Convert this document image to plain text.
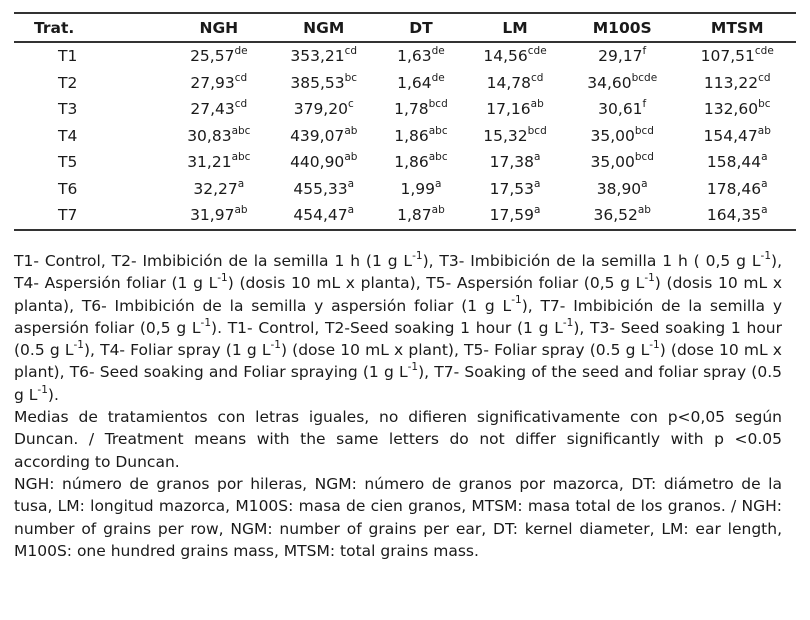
Trat.	NGH	NGM	DT	LM	M100S	MTSM
T1	25,57de	353,21$^{cd}$	1,63de	14,56$^{cde}$	29,17$^f$	107,51$^{cde}$
T2	27,93$^{cd}$	385,53$^{bc}$	1,64de	14,78$^{cd}$	$34,60^{bcde}$	113,22$^{cd}$
T3	27,43$^{cd}$	379,20$^c$	1,78$^{bcd}$	17,16$^{ab}$	30,61$^f$	132,60$^{bc}$
T4	30,83$^{abc}$	439,07$^{ab}$	1,86$^{abc}$	15,32$^{bcd}$	35,00$^{bcd}$	154,47$^{ab}$
T5	31,21$^{abc}$	440,90$^{ab}$	1,86$^{abc}$	17,38$^a$	35,00$^{bcd}$	158,44$^a$
T6	32,27$^a$	455,33$^a$	1,99$^a$	17,53$^a$	38,90$^a$	178,46$^a$
T7	31,97$^{ab}$	454,47$^a$	1,87$^{ab}$	17,59$^a$	36,52$^{ab}$	164,35$^a$

T1- Control, T2- Imbibición de la semilla 1 h (1 g $L^{-1}$), T3- Imbibición de la semilla 1 h ( 0,5 g $L^{-1}$), T4- Aspersión foliar (1 g $L^{-1}$) (dosis 10 mL x planta), T5- Aspersión foliar (0,5 g $L^{-1}$) (dosis 10 mL x planta), T6- Imbibición de la semilla y aspersión foliar (1 g $L^{-1}$), T7- Imbibición de la semilla y aspersión foliar (0,5 g $L^{-1}$). T1- Control, T2-Seed soaking 1 hour (1 g $L^{-1}$), T3- Seed soaking 1 hour (0.5 g $L^{-1}$), T4- Foliar spray (1 g $L^{-1}$) (dose 10 mL x plant), T5- Foliar spray (0.5 g $L^{-1}$) (dose 10 mL x plant), T6- Seed soaking and Foliar spraying (1 g $L^{-1}$), T7- Soaking of the seed and foliar spray (0.5 g $L^{-1}$).

Medias de tratamientos con letras iguales, no difieren significativamente con p<0,05 según Duncan. / Treatment means with the same letters do not differ significantly with p <0.05 according to Duncan.

NGH: número de granos por hileras, NGM: número de granos por mazorca, DT: diámetro de la tusa, LM: longitud mazorca, M100S: masa de cien granos, MTSM: masa total de los granos. / NGH: number of grains per row, NGM: number of grains per ear, DT: kernel diameter, LM: ear length, M100S: one hundred grains mass, MTSM: total grains mass.
